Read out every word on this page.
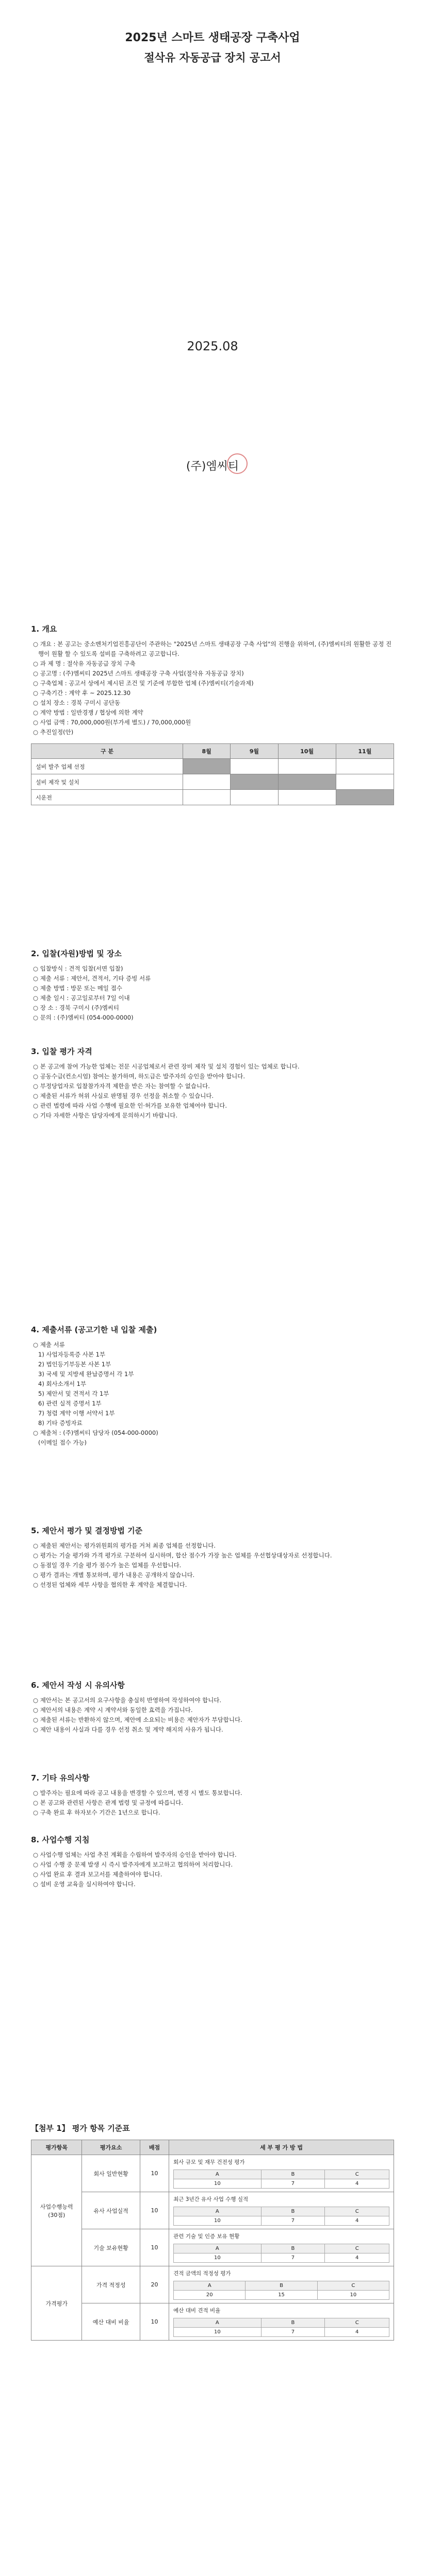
2025년 스마트 생태공장 구축사업
절삭유 자동공급 장치 공고서
2025.08
(주)엠씨티
1. 개요
○ 개요 : 본 공고는 중소벤처기업진흥공단이 주관하는 "2025년 스마트 생태공장 구축 사업"의 진행을 위하여, (주)엠씨티의 원활한 공정 진행이 원활 할 수 있도록 설비를 구축하려고 공고합니다.
○ 과 제 명 : 절삭유 자동공급 장치 구축
○ 공고명 : (주)엠씨티 2025년 스마트 생태공장 구축 사업(절삭유 자동공급 장치)
○ 구축업체 : 공고서 상에서 제시된 조건 및 기준에 부합한 업체 (주)엠씨티(기술과제)
○ 구축기간 : 계약 후 ~ 2025.12.30
○ 설치 장소 : 경북 구미시 공단동
○ 계약 방법 : 일반경쟁 / 협상에 의한 계약
○ 사업 금액 : 70,000,000원(부가세 별도) / 70,000,000원
○ 추진일정(안)
구 분	8월	9월	10월	11월
설비 발주 업체 선정				
설비 제작 및 설치				
시운전				
2. 입찰(자원)방법 및 장소
○ 입찰방식 : 견적 입찰(서면 입찰)
○ 제출 서류 : 제안서, 견적서, 기타 증빙 서류
○ 제출 방법 : 방문 또는 메일 접수
○ 제출 일시 : 공고일로부터 7일 이내
○ 장 소 : 경북 구미시 (주)엠씨티
○ 문의 : (주)엠씨티 (054-000-0000)
3. 입찰 평가 자격
○ 본 공고에 참여 가능한 업체는 전문 시공업체로서 관련 장비 제작 및 설치 경험이 있는 업체로 합니다.
○ 공동수급(컨소시엄) 참여는 불가하며, 하도급은 발주자의 승인을 받아야 합니다.
○ 부정당업자로 입찰참가자격 제한을 받은 자는 참여할 수 없습니다.
○ 제출된 서류가 허위 사실로 판명될 경우 선정을 취소할 수 있습니다.
○ 관련 법령에 따라 사업 수행에 필요한 인·허가를 보유한 업체여야 합니다.
○ 기타 자세한 사항은 담당자에게 문의하시기 바랍니다.
4. 제출서류 (공고기한 내 입찰 제출)
○ 제출 서류
1) 사업자등록증 사본 1부
2) 법인등기부등본 사본 1부
3) 국세 및 지방세 완납증명서 각 1부
4) 회사소개서 1부
5) 제안서 및 견적서 각 1부
6) 관련 실적 증명서 1부
7) 청렴 계약 이행 서약서 1부
8) 기타 증빙자료
○ 제출처 : (주)엠씨티 담당자 (054-000-0000)
(이메일 접수 가능)
5. 제안서 평가 및 결정방법 기준
○ 제출된 제안서는 평가위원회의 평가를 거쳐 최종 업체를 선정합니다.
○ 평가는 기술 평가와 가격 평가로 구분하여 실시하며, 합산 점수가 가장 높은 업체를 우선협상대상자로 선정합니다.
○ 동점일 경우 기술 평가 점수가 높은 업체를 우선합니다.
○ 평가 결과는 개별 통보하며, 평가 내용은 공개하지 않습니다.
○ 선정된 업체와 세부 사항을 협의한 후 계약을 체결합니다.
6. 제안서 작성 시 유의사항
○ 제안서는 본 공고서의 요구사항을 충실히 반영하여 작성하여야 합니다.
○ 제안서의 내용은 계약 시 계약서와 동일한 효력을 가집니다.
○ 제출된 서류는 반환하지 않으며, 제안에 소요되는 비용은 제안자가 부담합니다.
○ 제안 내용이 사실과 다를 경우 선정 취소 및 계약 해지의 사유가 됩니다.
7. 기타 유의사항
○ 발주자는 필요에 따라 공고 내용을 변경할 수 있으며, 변경 시 별도 통보합니다.
○ 본 공고와 관련된 사항은 관계 법령 및 규정에 따릅니다.
○ 구축 완료 후 하자보수 기간은 1년으로 합니다.
8. 사업수행 지침
○ 사업수행 업체는 사업 추진 계획을 수립하여 발주자의 승인을 받아야 합니다.
○ 사업 수행 중 문제 발생 시 즉시 발주자에게 보고하고 협의하여 처리합니다.
○ 사업 완료 후 결과 보고서를 제출하여야 합니다.
○ 설비 운영 교육을 실시하여야 합니다.
【첨부 1】 평가 항목 기준표
평가항목	평가요소	배점	세 부 평 가 방 법
사업수행능력(30점)	회사 일반현황	10	
회사 규모 및 재무 건전성 평가
A	B	C
10	7	4

유사 사업실적	10	
최근 3년간 유사 사업 수행 실적
A	B	C
10	7	4

기술 보유현황	10	
관련 기술 및 인증 보유 현황
A	B	C
10	7	4

가격평가	가격 적정성	20	
견적 금액의 적정성 평가
A	B	C
20	15	10

예산 대비 비율	10	
예산 대비 견적 비율
A	B	C
10	7	4
